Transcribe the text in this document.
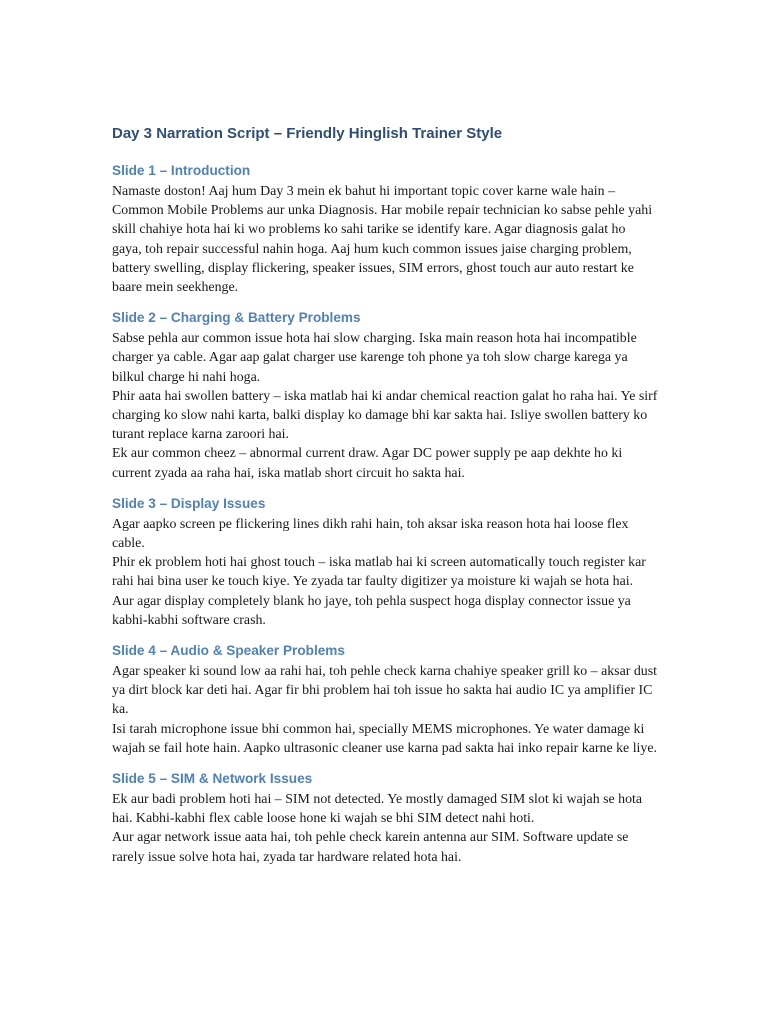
Day 3 Narration Script – Friendly Hinglish Trainer Style
Slide 1 – Introduction

Namaste doston! Aaj hum Day 3 mein ek bahut hi important topic cover karne wale hain – Common Mobile Problems aur unka Diagnosis. Har mobile repair technician ko sabse pehle yahi skill chahiye hota hai ki wo problems ko sahi tarike se identify kare. Agar diagnosis galat ho gaya, toh repair successful nahin hoga. Aaj hum kuch common issues jaise charging problem, battery swelling, display flickering, speaker issues, SIM errors, ghost touch aur auto restart ke baare mein seekhenge.

Slide 2 – Charging & Battery Problems

Sabse pehla aur common issue hota hai slow charging. Iska main reason hota hai incompatible charger ya cable. Agar aap galat charger use karenge toh phone ya toh slow charge karega ya bilkul charge hi nahi hoga.

Phir aata hai swollen battery – iska matlab hai ki andar chemical reaction galat ho raha hai. Ye sirf charging ko slow nahi karta, balki display ko damage bhi kar sakta hai. Isliye swollen battery ko turant replace karna zaroori hai.

Ek aur common cheez – abnormal current draw. Agar DC power supply pe aap dekhte ho ki current zyada aa raha hai, iska matlab short circuit ho sakta hai.

Slide 3 – Display Issues

Agar aapko screen pe flickering lines dikh rahi hain, toh aksar iska reason hota hai loose flex cable.

Phir ek problem hoti hai ghost touch – iska matlab hai ki screen automatically touch register kar rahi hai bina user ke touch kiye. Ye zyada tar faulty digitizer ya moisture ki wajah se hota hai.

Aur agar display completely blank ho jaye, toh pehla suspect hoga display connector issue ya kabhi-kabhi software crash.

Slide 4 – Audio & Speaker Problems

Agar speaker ki sound low aa rahi hai, toh pehle check karna chahiye speaker grill ko – aksar dust ya dirt block kar deti hai. Agar fir bhi problem hai toh issue ho sakta hai audio IC ya amplifier IC ka.

Isi tarah microphone issue bhi common hai, specially MEMS microphones. Ye water damage ki wajah se fail hote hain. Aapko ultrasonic cleaner use karna pad sakta hai inko repair karne ke liye.

Slide 5 – SIM & Network Issues

Ek aur badi problem hoti hai – SIM not detected. Ye mostly damaged SIM slot ki wajah se hota hai. Kabhi-kabhi flex cable loose hone ki wajah se bhi SIM detect nahi hoti.

Aur agar network issue aata hai, toh pehle check karein antenna aur SIM. Software update se rarely issue solve hota hai, zyada tar hardware related hota hai.
